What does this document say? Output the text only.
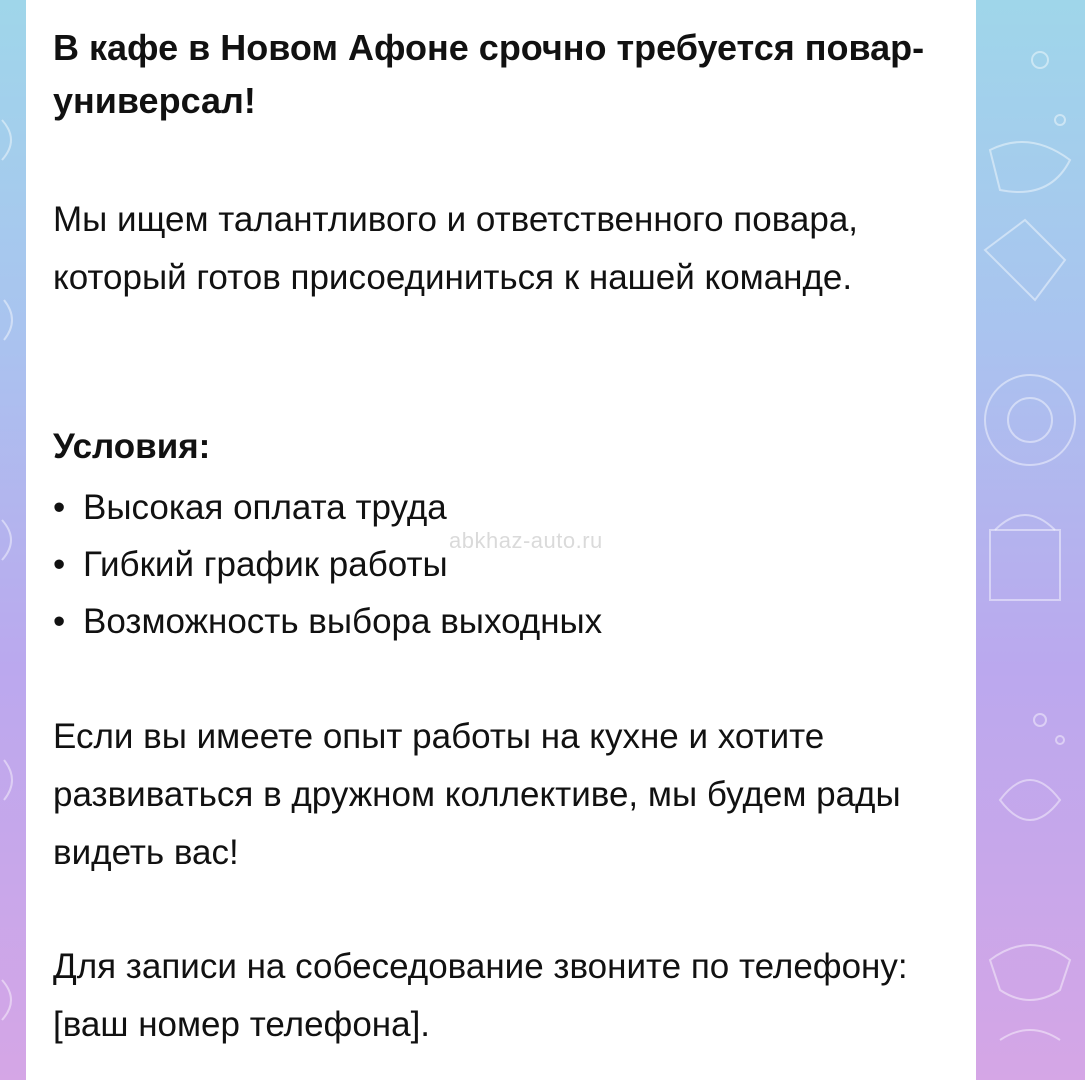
В кафе в Новом Афоне срочно требуется повар-универсал!

Мы ищем талантливого и ответственного повара, который готов присоединиться к нашей команде.

Условия:

• Высокая оплата труда
• Гибкий график работы
• Возможность выбора выходных

Если вы имеете опыт работы на кухне и хотите развиваться в дружном коллективе, мы будем рады видеть вас!

Для записи на собеседование звоните по телефону: [ваш номер телефона].

abkhaz-auto.ru
